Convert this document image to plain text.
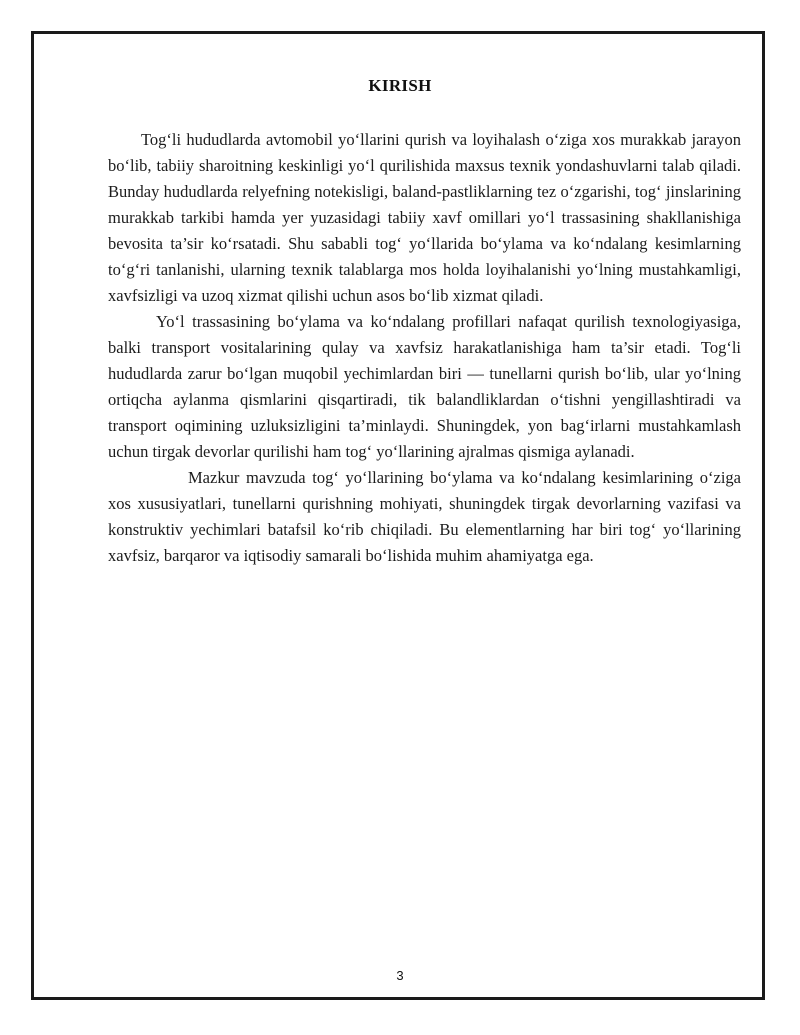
KIRISH

Tog‘li hududlarda avtomobil yo‘llarini qurish va loyihalash o‘ziga xos murakkab jarayon bo‘lib, tabiiy sharoitning keskinligi yo‘l qurilishida maxsus texnik yondashuvlarni talab qiladi. Bunday hududlarda relyefning notekisligi, baland-pastliklarning tez o‘zgarishi, tog‘ jinslarining murakkab tarkibi hamda yer yuzasidagi tabiiy xavf omillari yo‘l trassasining shakllanishiga bevosita ta’sir ko‘rsatadi. Shu sababli tog‘ yo‘llarida bo‘ylama va ko‘ndalang kesimlarning to‘g‘ri tanlanishi, ularning texnik talablarga mos holda loyihalanishi yo‘lning mustahkamligi, xavfsizligi va uzoq xizmat qilishi uchun asos bo‘lib xizmat qiladi.

Yo‘l trassasining bo‘ylama va ko‘ndalang profillari nafaqat qurilish texnologiyasiga, balki transport vositalarining qulay va xavfsiz harakatlanishiga ham ta’sir etadi. Tog‘li hududlarda zarur bo‘lgan muqobil yechimlardan biri — tunellarni qurish bo‘lib, ular yo‘lning ortiqcha aylanma qismlarini qisqartiradi, tik balandliklardan o‘tishni yengillashtiradi va transport oqimining uzluksizligini ta’minlaydi. Shuningdek, yon bag‘irlarni mustahkamlash uchun tirgak devorlar qurilishi ham tog‘ yo‘llarining ajralmas qismiga aylanadi.

Mazkur mavzuda tog‘ yo‘llarining bo‘ylama va ko‘ndalang kesimlarining o‘ziga xos xususiyatlari, tunellarni qurishning mohiyati, shuningdek tirgak devorlarning vazifasi va konstruktiv yechimlari batafsil ko‘rib chiqiladi. Bu elementlarning har biri tog‘ yo‘llarining xavfsiz, barqaror va iqtisodiy samarali bo‘lishida muhim ahamiyatga ega.

3
